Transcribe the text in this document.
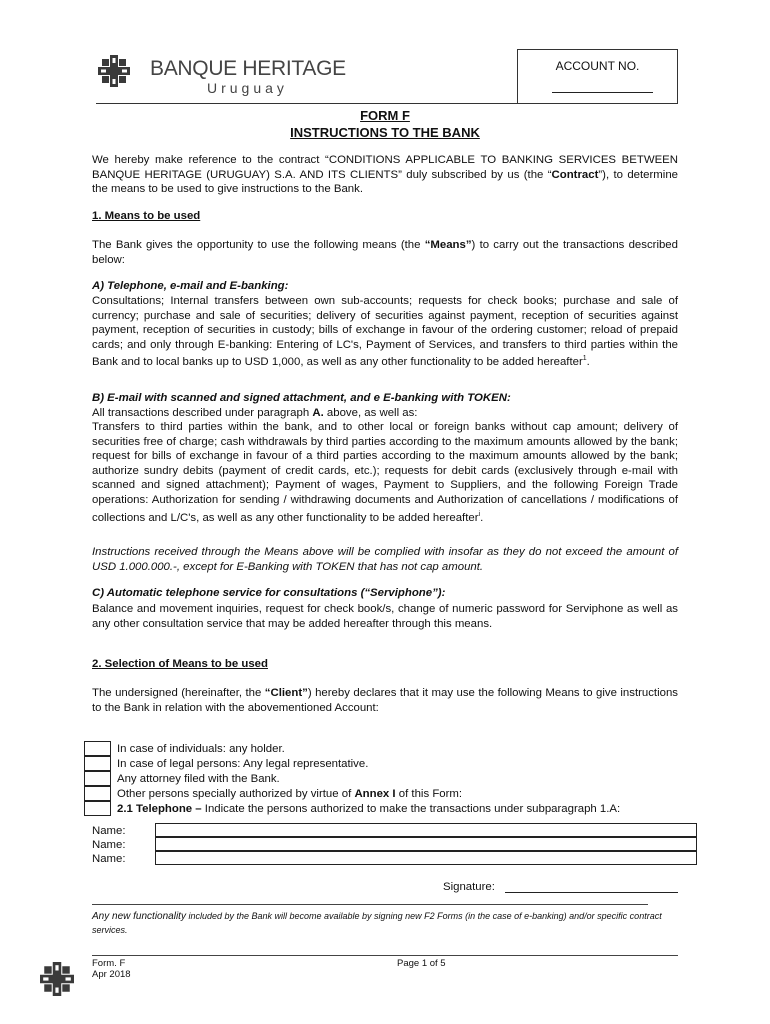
BANQUE HERITAGE
Uruguay
ACCOUNT NO.
FORM F
INSTRUCTIONS TO THE BANK
We hereby make reference to the contract “CONDITIONS APPLICABLE TO BANKING SERVICES BETWEEN BANQUE HERITAGE (URUGUAY) S.A. AND ITS CLIENTS” duly subscribed by us (the “Contract”), to determine the means to be used to give instructions to the Bank.
1. Means to be used
The Bank gives the opportunity to use the following means (the “Means”) to carry out the transactions described below:
A) Telephone, e-mail and E-banking:
Consultations; Internal transfers between own sub-accounts; requests for check books; purchase and sale of currency; purchase and sale of securities; delivery of securities against payment, reception of securities against payment, reception of securities in custody; bills of exchange in favour of the ordering customer; reload of prepaid cards; and only through E-banking: Entering of LC's, Payment of Services, and transfers to third parties within the Bank and to local banks up to USD 1,000, as well as any other functionality to be added hereafter$^1$.
B) E-mail with scanned and signed attachment, and e E-banking with TOKEN:
All transactions described under paragraph A. above, as well as:
Transfers to third parties within the bank, and to other local or foreign banks without cap amount; delivery of securities free of charge; cash withdrawals by third parties according to the maximum amounts allowed by the bank; request for bills of exchange in favour of a third parties according to the maximum amounts allowed by the bank; authorize sundry debits (payment of credit cards, etc.); requests for debit cards (exclusively through e-mail with scanned and signed attachment); Payment of wages, Payment to Suppliers, and the following Foreign Trade operations: Authorization for sending / withdrawing documents and Authorization of cancellations / modifications of collections and L/C's, as well as any other functionality to be added hereafter$^i$.
Instructions received through the Means above will be complied with insofar as they do not exceed the amount of USD 1.000.000.-, except for E-Banking with TOKEN that has not cap amount.
C) Automatic telephone service for consultations (“Serviphone”):
Balance and movement inquiries, request for check book/s, change of numeric password for Serviphone as well as any other consultation service that may be added hereafter through this means.
2. Selection of Means to be used
The undersigned (hereinafter, the “Client”) hereby declares that it may use the following Means to give instructions to the Bank in relation with the abovementioned Account:
In case of individuals: any holder.
In case of legal persons: Any legal representative.
Any attorney filed with the Bank.
Other persons specially authorized by virtue of Annex I of this Form:
2.1 Telephone – Indicate the persons authorized to make the transactions under subparagraph 1.A:
Name:
Name:
Name:
Signature:
Any new functionality included by the Bank will become available by signing new F2 Forms (in the case of e-banking) and/or specific contract services.
Form. F
Apr 2018
Page 1 of 5
